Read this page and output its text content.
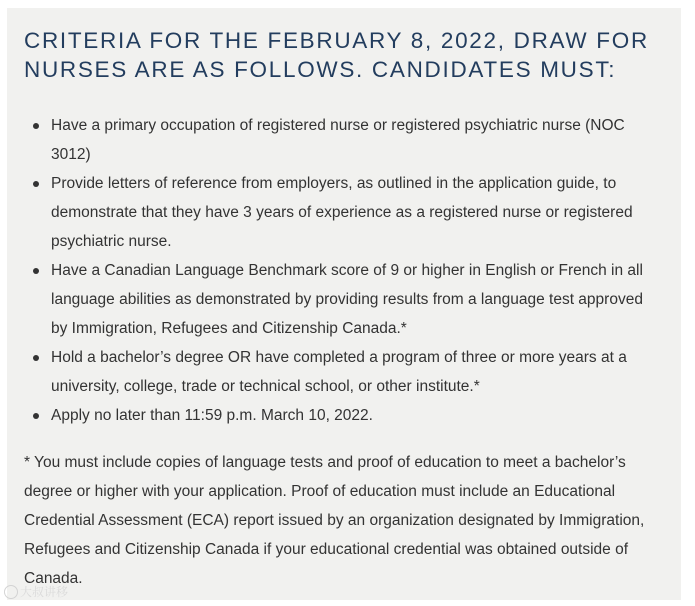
CRITERIA FOR THE FEBRUARY 8, 2022, DRAW FOR NURSES ARE AS FOLLOWS. CANDIDATES MUST:
Have a primary occupation of registered nurse or registered psychiatric nurse (NOC 3012)
Provide letters of reference from employers, as outlined in the application guide, to demonstrate that they have 3 years of experience as a registered nurse or registered psychiatric nurse.
Have a Canadian Language Benchmark score of 9 or higher in English or French in all language abilities as demonstrated by providing results from a language test approved by Immigration, Refugees and Citizenship Canada.*
Hold a bachelor’s degree OR have completed a program of three or more years at a university, college, trade or technical school, or other institute.*
Apply no later than 11:59 p.m. March 10, 2022.

* You must include copies of language tests and proof of education to meet a bachelor’s degree or higher with your application. Proof of education must include an Educational Credential Assessment (ECA) report issued by an organization designated by Immigration, Refugees and Citizenship Canada if your educational credential was obtained outside of Canada.

大叔讲移
